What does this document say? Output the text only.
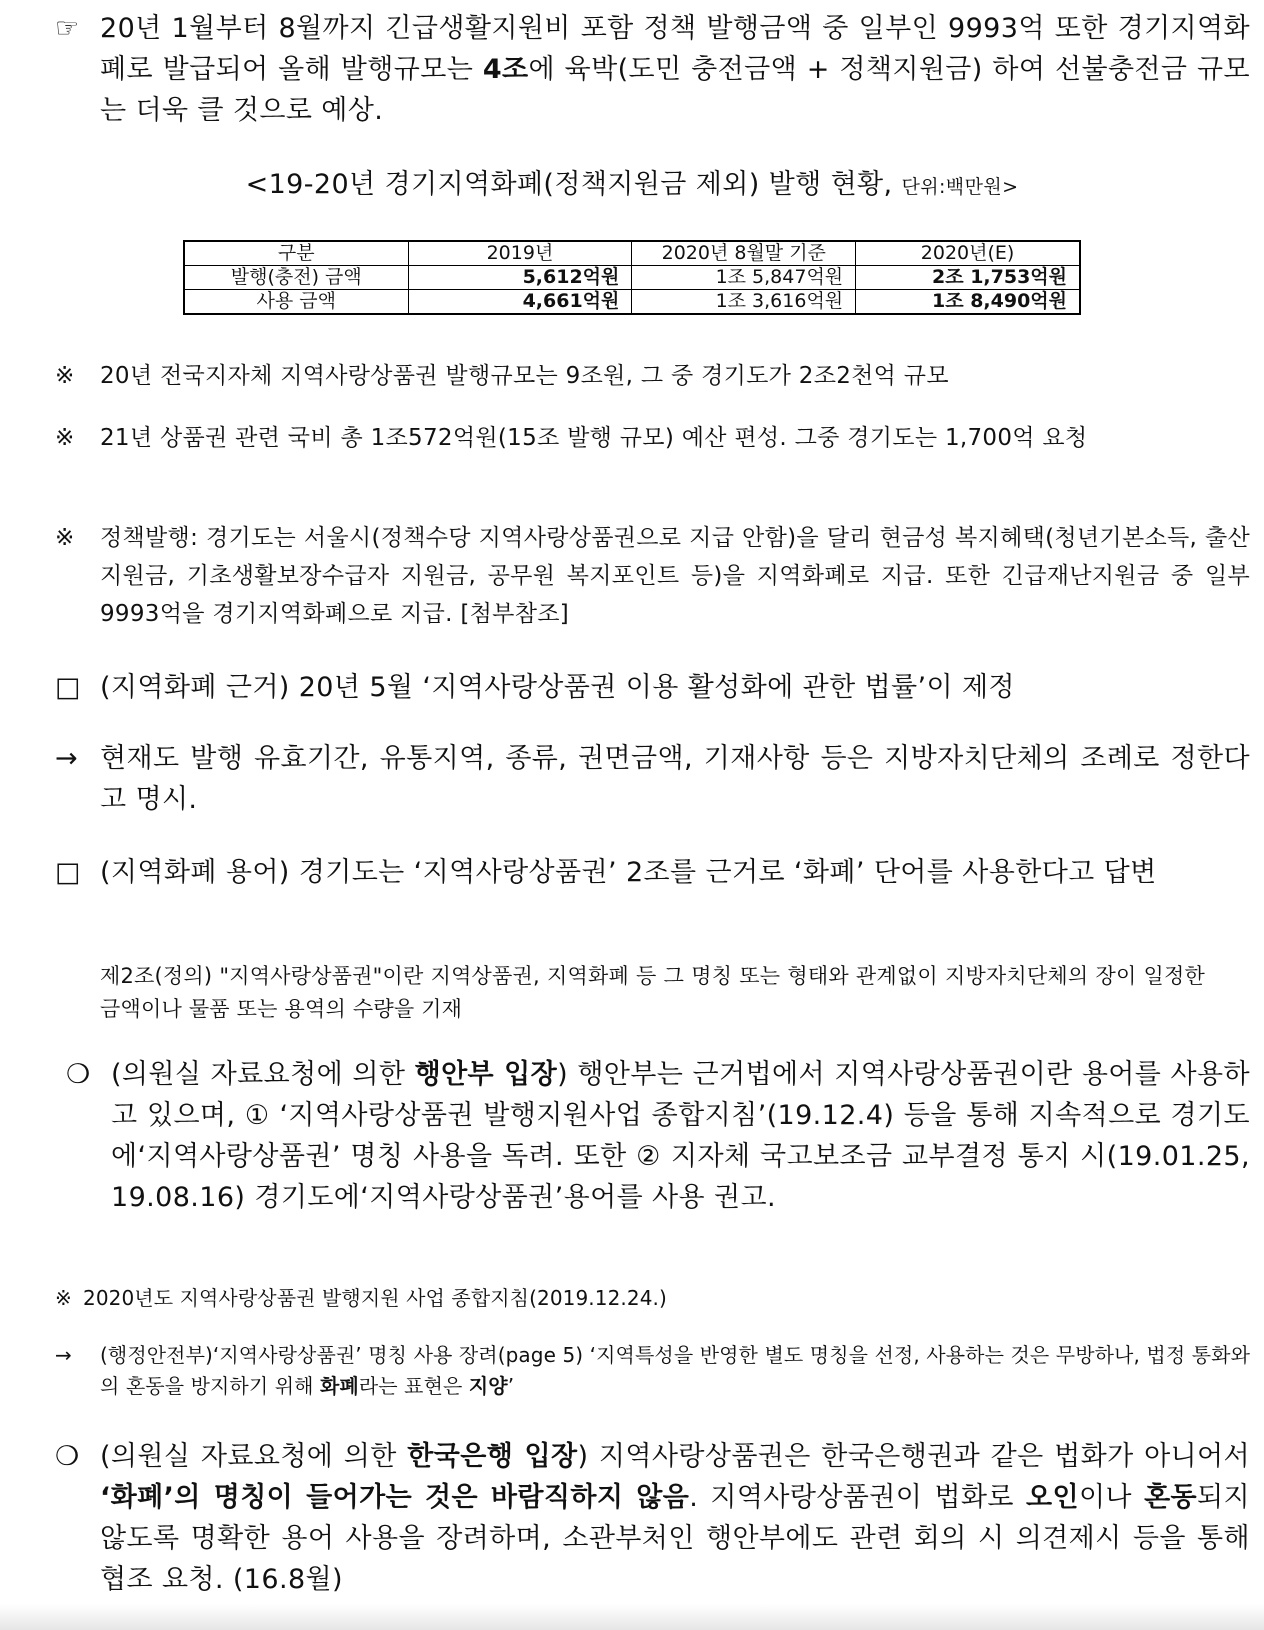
☞ 20년 1월부터 8월까지 긴급생활지원비 포함 정책 발행금액 중 일부인 9993억 또한 경기지역화폐로 발급되어 올해 발행규모는 4조에 육박(도민 충전금액 + 정책지원금) 하여 선불충전금 규모는 더욱 클 것으로 예상.

<19-20년 경기지역화폐(정책지원금 제외) 발행 현황, 단위:백만원>
구분	2019년	2020년 8월말 기준	2020년(E)
발행(충전) 금액	5,612억원	1조 5,847억원	2조 1,753억원
사용 금액	4,661억원	1조 3,616억원	1조 8,490억원

※ 20년 전국지자체 지역사랑상품권 발행규모는 9조원, 그 중 경기도가 2조2천억 규모

※ 21년 상품권 관련 국비 총 1조572억원(15조 발행 규모) 예산 편성. 그중 경기도는 1,700억 요청

※ 정책발행: 경기도는 서울시(정책수당 지역사랑상품권으로 지급 안함)을 달리 현금성 복지혜택(청년기본소득, 출산지원금, 기초생활보장수급자 지원금, 공무원 복지포인트 등)을 지역화폐로 지급. 또한 긴급재난지원금 중 일부 9993억을 경기지역화폐으로 지급. [첨부참조]

□ (지역화폐 근거) 20년 5월 ‘지역사랑상품권 이용 활성화에 관한 법률’이 제정

→ 현재도 발행 유효기간, 유통지역, 종류, 권면금액, 기재사항 등은 지방자치단체의 조례로 정한다고 명시.

□ (지역화폐 용어) 경기도는 ‘지역사랑상품권’ 2조를 근거로 ‘화폐’ 단어를 사용한다고 답변

제2조(정의) "지역사랑상품권"이란 지역상품권, 지역화폐 등 그 명칭 또는 형태와 관계없이 지방자치단체의 장이 일정한 금액이나 물품 또는 용역의 수량을 기재

❍ (의원실 자료요청에 의한 행안부 입장) 행안부는 근거법에서 지역사랑상품권이란 용어를 사용하고 있으며, ① ‘지역사랑상품권 발행지원사업 종합지침’(19.12.4) 등을 통해 지속적으로 경기도에‘지역사랑상품권’ 명칭 사용을 독려. 또한 ② 지자체 국고보조금 교부결정 통지 시(19.01.25, 19.08.16) 경기도에‘지역사랑상품권’용어를 사용 권고.

※ 2020년도 지역사랑상품권 발행지원 사업 종합지침(2019.12.24.)

→ (행정안전부)‘지역사랑상품권’ 명칭 사용 장려(page 5) ‘지역특성을 반영한 별도 명칭을 선정, 사용하는 것은 무방하나, 법정 통화와의 혼동을 방지하기 위해 화폐라는 표현은 지양’

❍ (의원실 자료요청에 의한 한국은행 입장) 지역사랑상품권은 한국은행권과 같은 법화가 아니어서 ‘화폐’의 명칭이 들어가는 것은 바람직하지 않음. 지역사랑상품권이 법화로 오인이나 혼동되지 않도록 명확한 용어 사용을 장려하며, 소관부처인 행안부에도 관련 회의 시 의견제시 등을 통해 협조 요청. (16.8월)
